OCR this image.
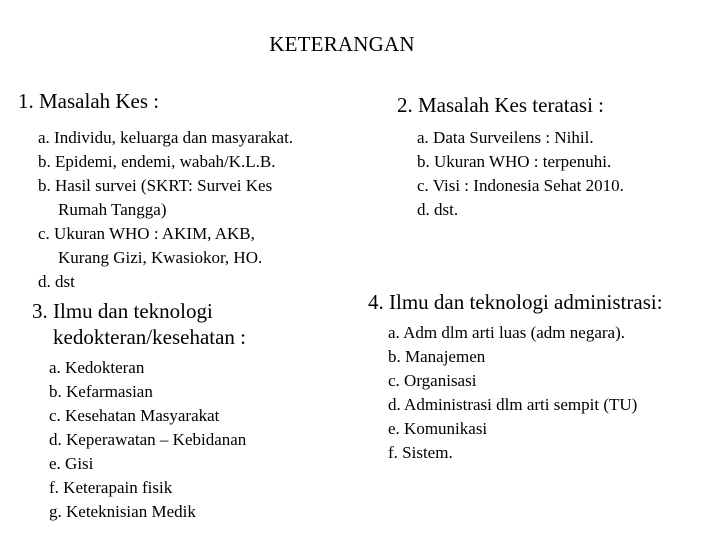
KETERANGAN
1. Masalah Kes :
a. Individu, keluarga dan masyarakat.
b. Epidemi, endemi, wabah/K.L.B.
b. Hasil survei (SKRT: Survei Kes
Rumah Tangga)
c. Ukuran WHO : AKIM, AKB,
Kurang Gizi, Kwasiokor, HO.
d. dst
2. Masalah Kes teratasi :
a. Data Surveilens : Nihil.
b. Ukuran WHO : terpenuhi.
c. Visi : Indonesia Sehat 2010.
d. dst.
3. Ilmu dan teknologi
kedokteran/kesehatan :
a. Kedokteran
b. Kefarmasian
c. Kesehatan Masyarakat
d. Keperawatan – Kebidanan
e. Gisi
f. Keterapain fisik
g. Keteknisian Medik
4. Ilmu dan teknologi administrasi:
a. Adm dlm arti luas (adm negara).
b. Manajemen
c. Organisasi
d. Administrasi dlm arti sempit (TU)
e. Komunikasi
f. Sistem.
